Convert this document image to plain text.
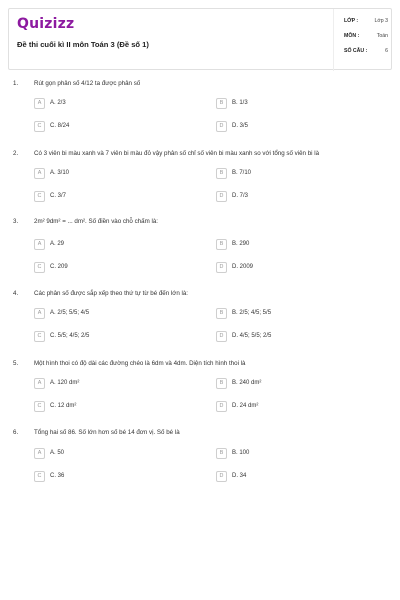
Quizizz
Đề thi cuối kì II môn Toán 3 (Đề số 1)
LỚP :	Lớp 3
MÔN :	Toán
SỐ CÂU :	6
1.	Rút gọn phân số 4/12 ta được phân số
A	A. 2/3	B	B. 1/3
C	C. 8/24	D	D. 3/5
2.	Có 3 viên bi màu xanh và 7 viên bi màu đỏ vậy phân số chỉ số viên bi màu xanh so với tổng số viên bi là
A	A. 3/10	B	B. 7/10
C	C. 3/7	D	D. 7/3
3.	2m² 9dm² = ... dm². Số điền vào chỗ chấm là:
A	A. 29	B	B. 290
C	C. 209	D	D. 2009
4.	Các phân số được sắp xếp theo thứ tự từ bé đến lớn là:
A	A. 2/5; 5/5; 4/5	B	B. 2/5; 4/5; 5/5
C	C. 5/5; 4/5; 2/5	D	D. 4/5; 5/5; 2/5
5.	Một hình thoi có độ dài các đường chéo là 6dm và 4dm. Diện tích hình thoi là
A	A. 120 dm²	B	B. 240 dm²
C	C. 12 dm²	D	D. 24 dm²
6.	Tổng hai số 86. Số lớn hơn số bé 14 đơn vị. Số bé là
A	A. 50	B	B. 100
C	C. 36	D	D. 34
